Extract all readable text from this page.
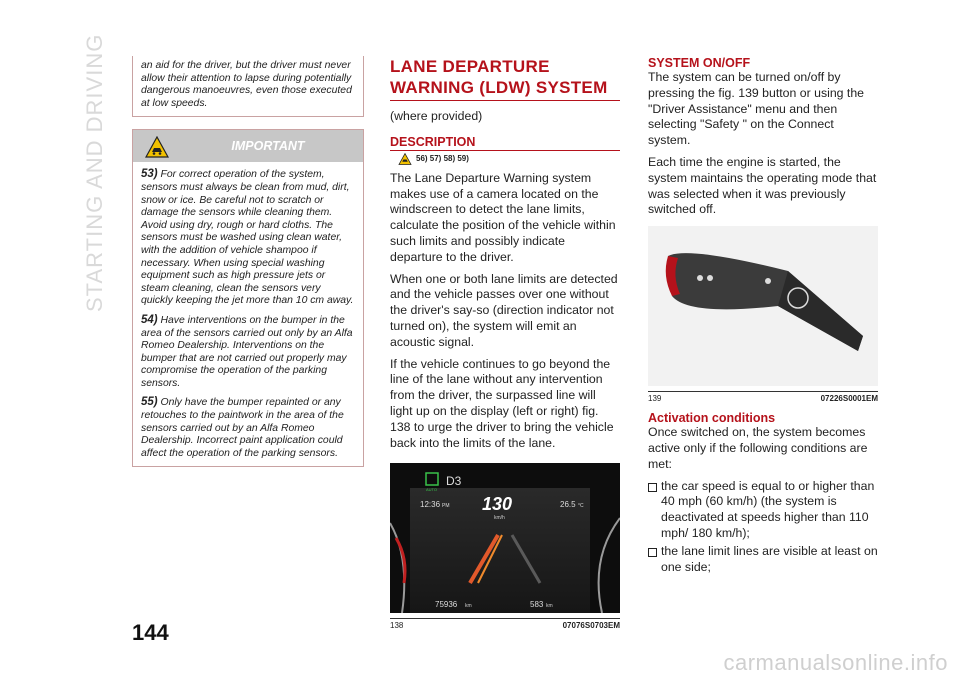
STARTING AND DRIVING	an aid for the driver, but the driver must never allow their attention to lapse during potentially dangerous manoeuvres, even those executed at low speeds.
IMPORTANT
53) For correct operation of the system, sensors must always be clean from mud, dirt, snow or ice. Be careful not to scratch or damage the sensors while cleaning them. Avoid using dry, rough or hard cloths. The sensors must be washed using clean water, with the addition of vehicle shampoo if necessary. When using special washing equipment such as high pressure jets or steam cleaning, clean the sensors very quickly keeping the jet more than 10 cm away.
54) Have interventions on the bumper in the area of the sensors carried out only by an Alfa Romeo Dealership. Interventions on the bumper that are not carried out properly may compromise the operation of the parking sensors.
55) Only have the bumper repainted or any retouches to the paintwork in the area of the sensors carried out by an Alfa Romeo Dealership. Incorrect paint application could affect the operation of the parking sensors.
LANE DEPARTURE WARNING (LDW) SYSTEM

(where provided)

DESCRIPTION
56) 57) 58) 59)

The Lane Departure Warning system makes use of a camera located on the windscreen to detect the lane limits, calculate the position of the vehicle within such limits and possibly indicate departure to the driver.

When one or both lane limits are detected and the vehicle passes over one without the driver's say-so (direction indicator not turned on), the system will emit an acoustic signal.

If the vehicle continues to go beyond the line of the lane without any intervention from the driver, the surpassed line will light up on the display (left or right) fig. 138 to urge the driver to bring the vehicle back into the limits of the lane.

D3
AUTO
12:36 PM 130
km/h
26.5 °C
75936 km	583 km
138	07076S0703EM
SYSTEM ON/OFF

The system can be turned on/off by pressing the fig. 139 button or using the "Driver Assistance" menu and then selecting "Safety " on the Connect system.

Each time the engine is started, the system maintains the operating mode that was selected when it was previously switched off.

139	07226S0001EM
Activation conditions

Once switched on, the system becomes active only if the following conditions are met:

the car speed is equal to or higher than 40 mph (60 km/h) (the system is deactivated at speeds higher than 110 mph/ 180 km/h);
the lane limit lines are visible at least on one side;
144
carmanualsonline.info
